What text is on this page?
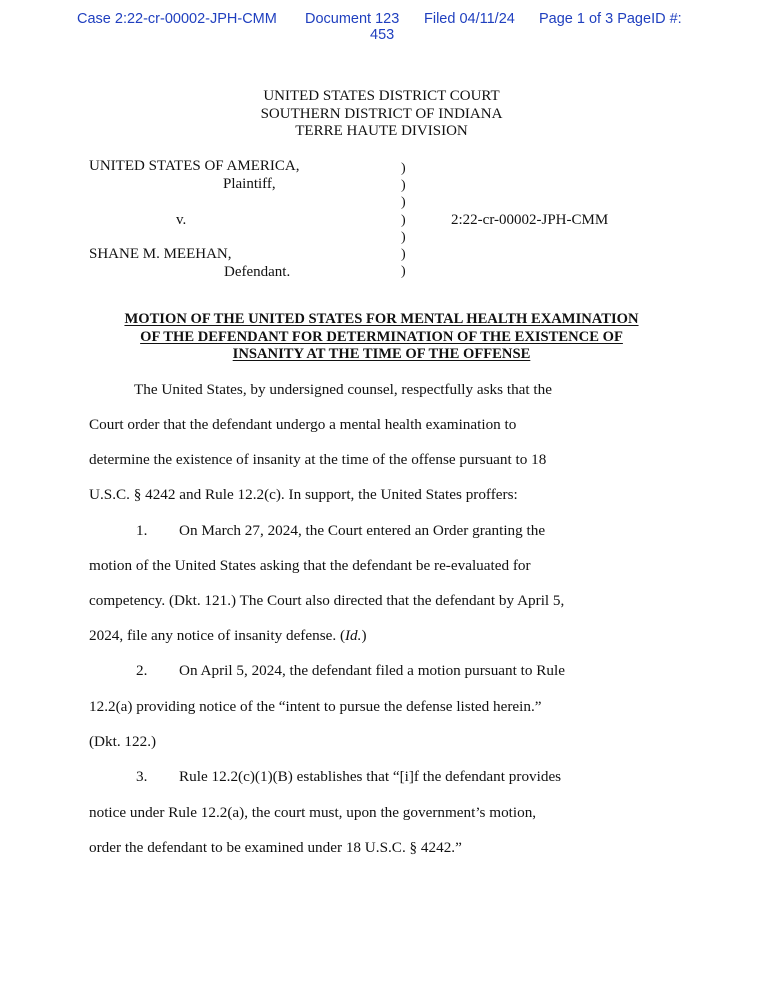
Case 2:22-cr-00002-JPH-CMM Document 123
453
Filed 04/11/24 Page 1 of 3 PageID #:
UNITED STATES DISTRICT COURT
SOUTHERN DISTRICT OF INDIANA
TERRE HAUTE DIVISION
UNITED STATES OF AMERICA,
Plaintiff,
v.	2:22-cr-00002-JPH-CMM
SHANE M. MEEHAN,
Defendant.
)
)
)
)
)
)
)
MOTION OF THE UNITED STATES FOR MENTAL HEALTH EXAMINATION
OF THE DEFENDANT FOR DETERMINATION OF THE EXISTENCE OF
INSANITY AT THE TIME OF THE OFFENSE
The United States, by undersigned counsel, respectfully asks that the
Court order that the defendant undergo a mental health examination to
determine the existence of insanity at the time of the offense pursuant to 18
U.S.C. § 4242 and Rule 12.2(c). In support, the United States proffers:
1. On March 27, 2024, the Court entered an Order granting the
motion of the United States asking that the defendant be re-evaluated for
competency. (Dkt. 121.) The Court also directed that the defendant by April 5,
2024, file any notice of insanity defense. (Id.)
2. On April 5, 2024, the defendant filed a motion pursuant to Rule
12.2(a) providing notice of the “intent to pursue the defense listed herein.”
(Dkt. 122.)
3. Rule 12.2(c)(1)(B) establishes that “[i]f the defendant provides
notice under Rule 12.2(a), the court must, upon the government’s motion,
order the defendant to be examined under 18 U.S.C. § 4242.”
